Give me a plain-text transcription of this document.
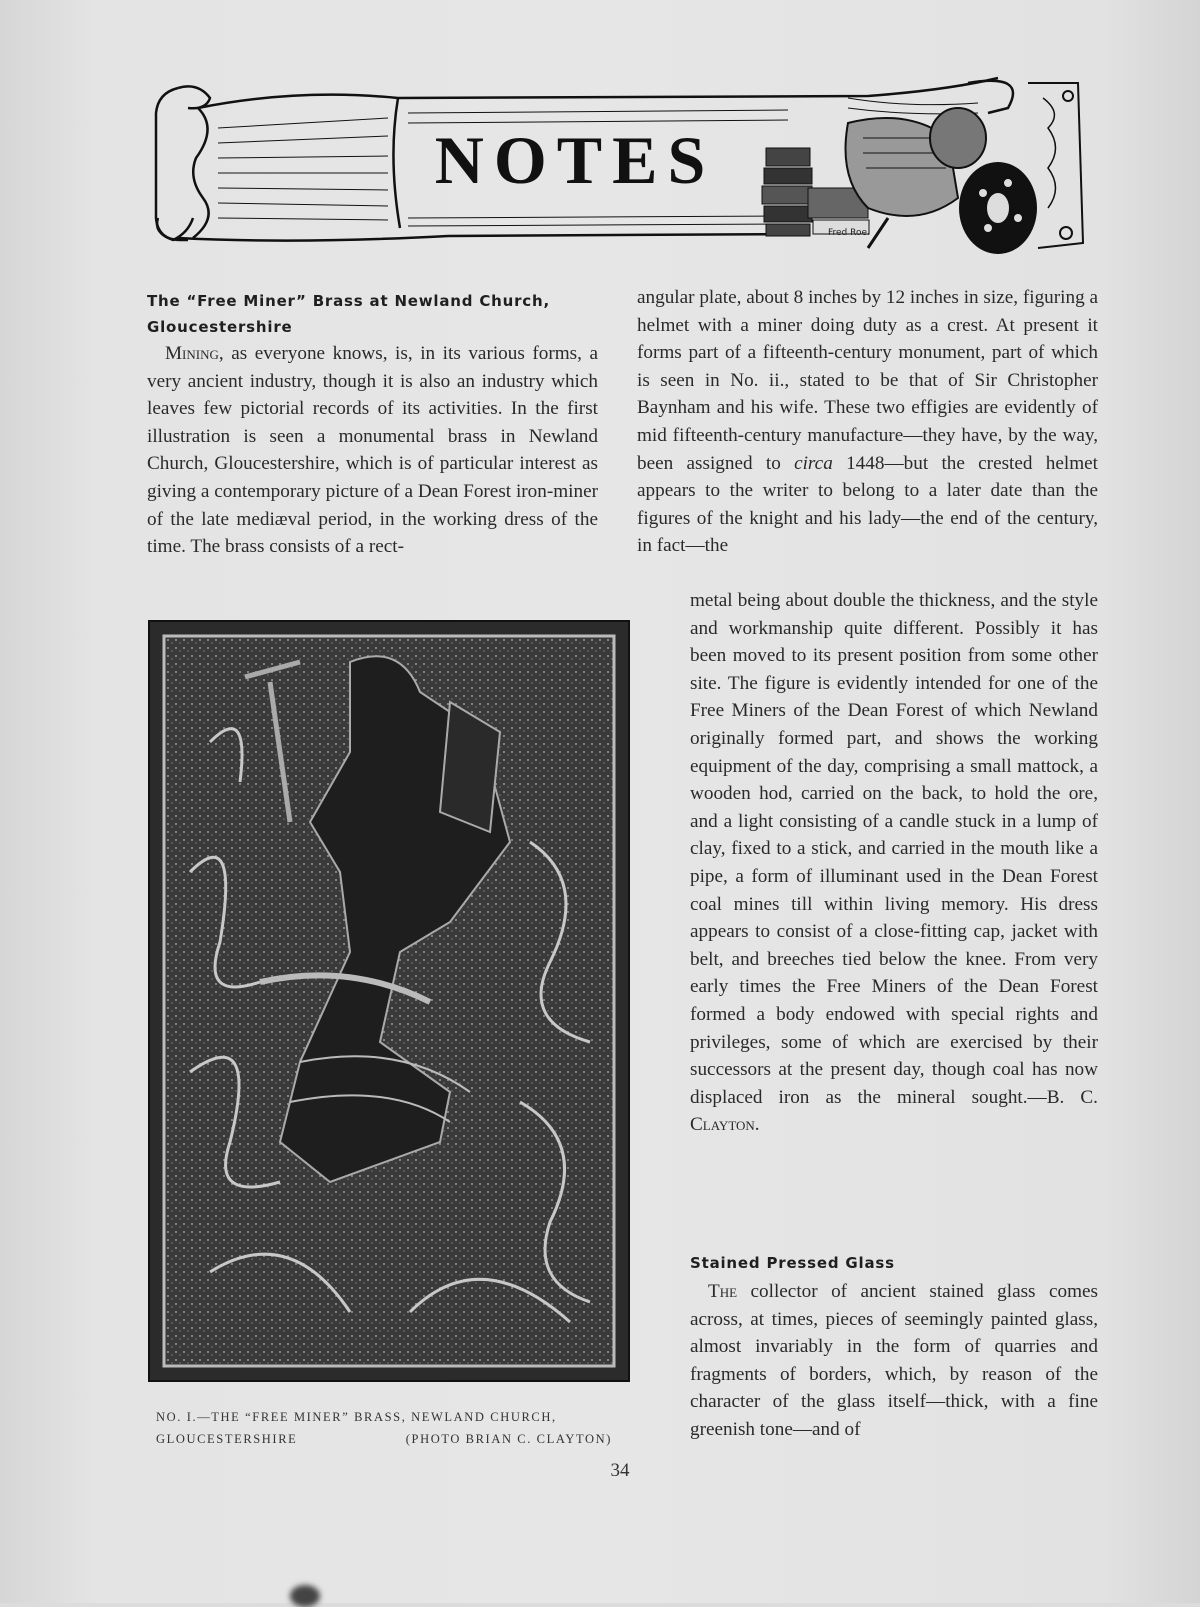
NOTES
Fred Roe.
The “Free Miner” Brass at Newland Church, Gloucestershire

Mining, as everyone knows, is, in its various forms, a very ancient industry, though it is also an industry which leaves few pictorial records of its activities. In the first illustration is seen a monumental brass in Newland Church, Gloucestershire, which is of particular interest as giving a contemporary picture of a Dean Forest iron-miner of the late mediæval period, in the working dress of the time. The brass consists of a rect-

angular plate, about 8 inches by 12 inches in size, figuring a helmet with a miner doing duty as a crest. At present it forms part of a fifteenth-century monument, part of which is seen in No. ii., stated to be that of Sir Christopher Baynham and his wife. These two effigies are evidently of mid fifteenth-century manufacture—they have, by the way, been assigned to circa 1448—but the crested helmet appears to the writer to belong to a later date than the figures of the knight and his lady—the end of the century, in fact—the

metal being about double the thickness, and the style and workmanship quite different. Possibly it has been moved to its present position from some other site. The figure is evidently intended for one of the Free Miners of the Dean Forest of which Newland originally formed part, and shows the working equipment of the day, comprising a small mattock, a wooden hod, carried on the back, to hold the ore, and a light consisting of a candle stuck in a lump of clay, fixed to a stick, and carried in the mouth like a pipe, a form of illuminant used in the Dean Forest coal mines till within living memory. His dress appears to consist of a close-fitting cap, jacket with belt, and breeches tied below the knee. From very early times the Free Miners of the Dean Forest formed a body endowed with special rights and privileges, some of which are exercised by their successors at the present day, though coal has now displaced iron as the mineral sought.—B. C. Clayton.

Stained Pressed Glass

The collector of ancient stained glass comes across, at times, pieces of seemingly painted glass, almost invariably in the form of quarries and fragments of borders, which, by reason of the character of the glass itself—thick, with a fine greenish tone—and of

NO. I.—THE “FREE MINER” BRASS, NEWLAND CHURCH,
GLOUCESTERSHIRE	(PHOTO BRIAN C. CLAYTON)
34
